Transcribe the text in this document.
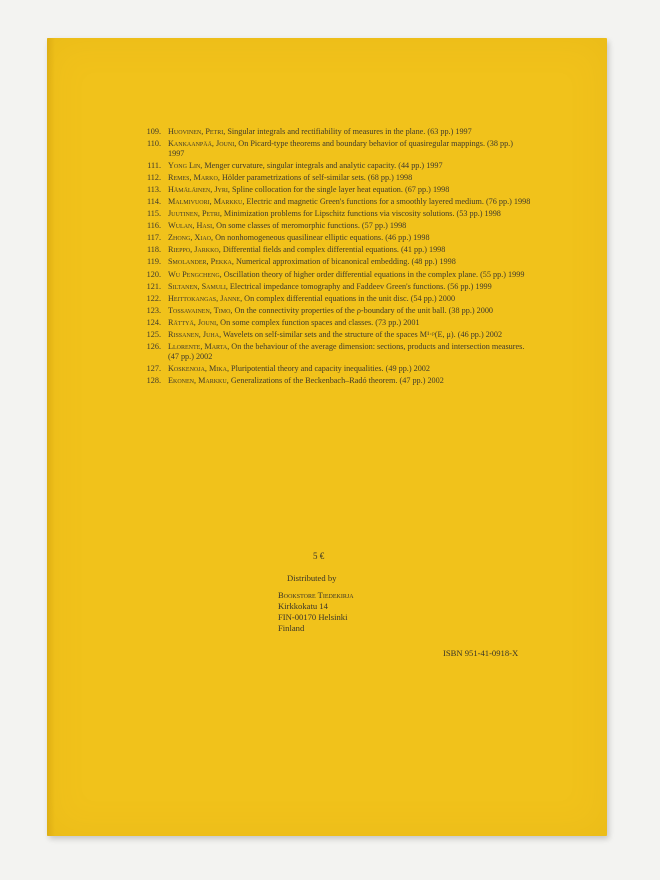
109. Huovinen, Petri, Singular integrals and rectifiability of measures in the plane. (63 pp.) 1997
110. Kankaanpää, Jouni, On Picard-type theorems and boundary behavior of quasiregular mappings. (38 pp.) 1997
111. Yong Lin, Menger curvature, singular integrals and analytic capacity. (44 pp.) 1997
112. Remes, Marko, Hölder parametrizations of self-similar sets. (68 pp.) 1998
113. Hämäläinen, Jyri, Spline collocation for the single layer heat equation. (67 pp.) 1998
114. Malmivuori, Markku, Electric and magnetic Green's functions for a smoothly layered medium. (76 pp.) 1998
115. Juutinen, Petri, Minimization problems for Lipschitz functions via viscosity solutions. (53 pp.) 1998
116. Wulan, Hasi, On some classes of meromorphic functions. (57 pp.) 1998
117. Zhong, Xiao, On nonhomogeneous quasilinear elliptic equations. (46 pp.) 1998
118. Rieppo, Jarkko, Differential fields and complex differential equations. (41 pp.) 1998
119. Smolander, Pekka, Numerical approximation of bicanonical embedding. (48 pp.) 1998
120. Wu Pengcheng, Oscillation theory of higher order differential equations in the complex plane. (55 pp.) 1999
121. Siltanen, Samuli, Electrical impedance tomography and Faddeev Green's functions. (56 pp.) 1999
122. Heittokangas, Janne, On complex differential equations in the unit disc. (54 pp.) 2000
123. Tossavainen, Timo, On the connectivity properties of the ρ-boundary of the unit ball. (38 pp.) 2000
124. Rättyä, Jouni, On some complex function spaces and classes. (73 pp.) 2001
125. Rissanen, Juha, Wavelets on self-similar sets and the structure of the spaces M¹·ᵖ(E, μ). (46 pp.) 2002
126. Llorente, Marta, On the behaviour of the average dimension: sections, products and intersection measures. (47 pp.) 2002
127. Koskenoja, Mika, Pluripotential theory and capacity inequalities. (49 pp.) 2002
128. Ekonen, Markku, Generalizations of the Beckenbach–Radó theorem. (47 pp.) 2002
5 €
Distributed by
Bookstore Tiedekirja
Kirkkokatu 14
FIN-00170 Helsinki
Finland
ISBN 951-41-0918-X
